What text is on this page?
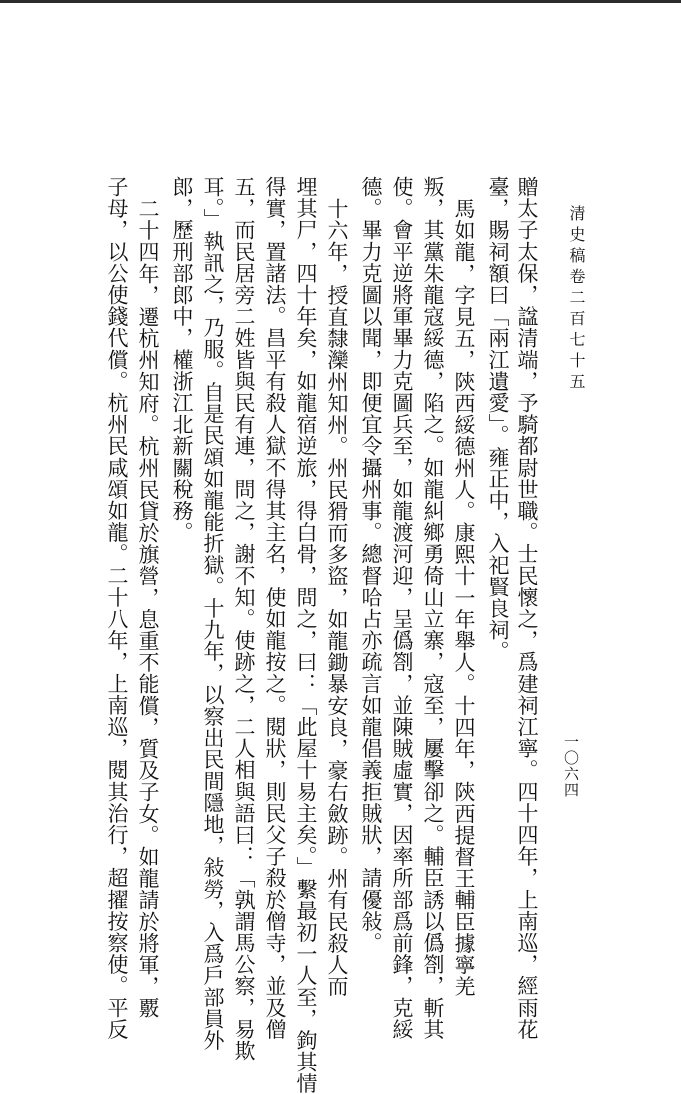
清史稿卷二百七十五
一〇六四
贈太子太保，諡清端，予騎都尉世職。士民懷之，爲建祠江寧。四十四年，上南巡，經雨花
臺，賜祠額曰「兩江遺愛」。雍正中，入祀賢良祠。
馬如龍，字見五，陝西綏德州人。康熙十一年舉人。十四年，陝西提督王輔臣據寧羌
叛，其黨朱龍寇綏德，陷之。如龍糾鄉勇倚山立寨，寇至，屢擊卻之。輔臣誘以僞劄，斬其
使。會平逆將軍畢力克圖兵至，如龍渡河迎，呈僞劄，並陳賊虛實，因率所部爲前鋒，克綏
德。畢力克圖以聞，即便宜令攝州事。總督哈占亦疏言如龍倡義拒賊狀，請優敍。
十六年，授直隸灤州知州。州民猾而多盜，如龍鋤暴安良，豪右斂跡。州有民殺人而
埋其尸，四十年矣，如龍宿逆旅，得白骨，問之，曰：「此屋十易主矣。」繫最初一人至，鉤其情
得實，置諸法。昌平有殺人獄不得其主名，使如龍按之。閱狀，則民父子殺於僧寺，並及僧
五，而民居旁二姓皆與民有連，問之，謝不知。使跡之，二人相與語曰：「孰謂馬公察，易欺
耳。」執訊之，乃服。自是民頌如龍能折獄。十九年，以察出民間隱地，敍勞，入爲戶部員外
郎，歷刑部郎中，權浙江北新關稅務。
二十四年，遷杭州知府。杭州民貸於旗營，息重不能償，質及子女。如龍請於將軍，覈
子母，以公使錢代償。杭州民咸頌如龍。二十八年，上南巡，閱其治行，超擢按察使。平反
